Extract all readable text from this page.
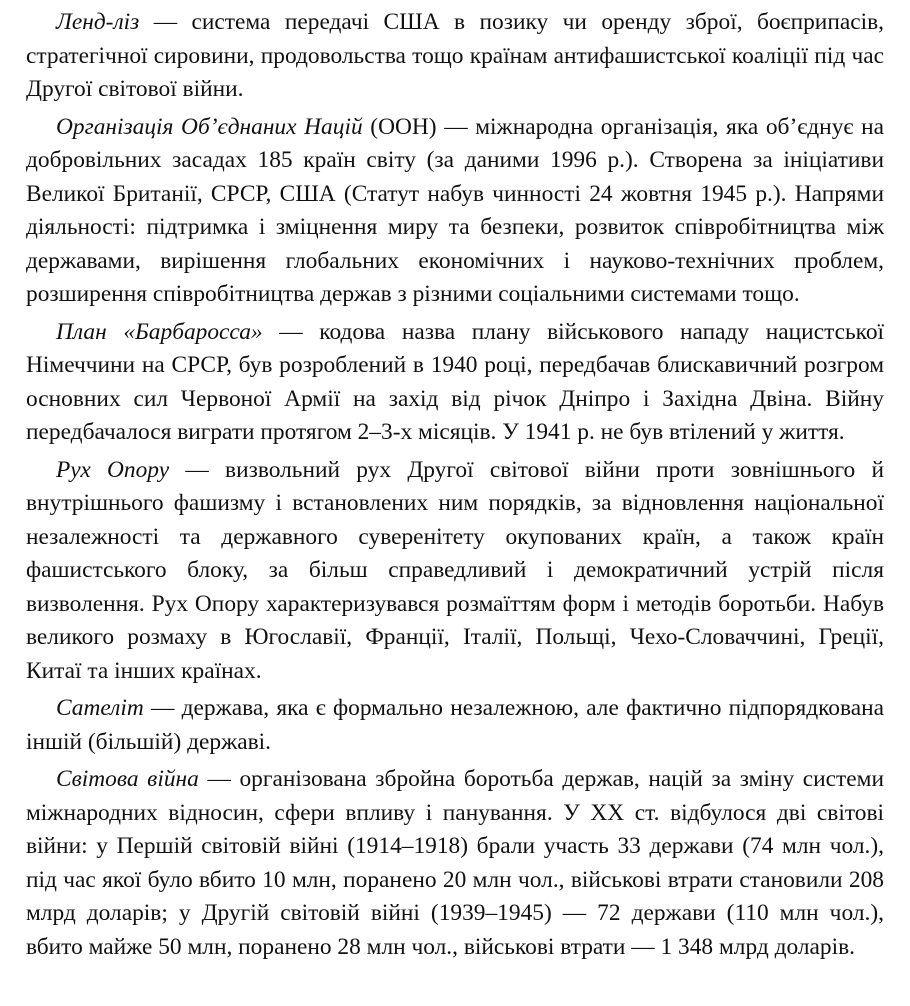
Ленд-ліз — система передачі США в позику чи оренду зброї, боєприпасів, стратегічної сировини, продовольства тощо країнам антифашистської коаліції під час Другої світової війни.

Організація Об’єднаних Націй (ООН) — міжнародна організація, яка об’єднує на добровільних засадах 185 країн світу (за даними 1996 р.). Створена за ініціативи Великої Британії, СРСР, США (Статут набув чинності 24 жовтня 1945 р.). Напрями діяльності: підтримка і зміцнення миру та безпеки, розвиток співробітництва між державами, вирішення глобальних економічних і науково-технічних проблем, розширення співробітництва держав з різними соціальними системами тощо.

План «Барбаросса» — кодова назва плану військового нападу нацистської Німеччини на СРСР, був розроблений в 1940 році, передбачав блискавичний розгром основних сил Червоної Армії на захід від річок Дніпро і Західна Двіна. Війну передбачалося виграти протягом 2–3-х місяців. У 1941 р. не був втілений у життя.

Рух Опору — визвольний рух Другої світової війни проти зовнішнього й внутрішнього фашизму і встановлених ним порядків, за відновлення національної незалежності та державного суверенітету окупованих країн, а також країн фашистського блоку, за більш справедливий і демократичний устрій після визволення. Рух Опору характеризувався розмаїттям форм і методів боротьби. Набув великого розмаху в Югославії, Франції, Італії, Польщі, Чехо-Словаччині, Греції, Китаї та інших країнах.

Сателіт — держава, яка є формально незалежною, але фактично підпорядкована іншій (більшій) державі.

Світова війна — організована збройна боротьба держав, націй за зміну системи міжнародних відносин, сфери впливу і панування. У ХХ ст. відбулося дві світові війни: у Першій світовій війні (1914–1918) брали участь 33 держави (74 млн чол.), під час якої було вбито 10 млн, поранено 20 млн чол., військові втрати становили 208 млрд доларів; у Другій світовій війні (1939–1945) — 72 держави (110 млн чол.), вбито майже 50 млн, поранено 28 млн чол., військові втрати — 1 348 млрд доларів.
